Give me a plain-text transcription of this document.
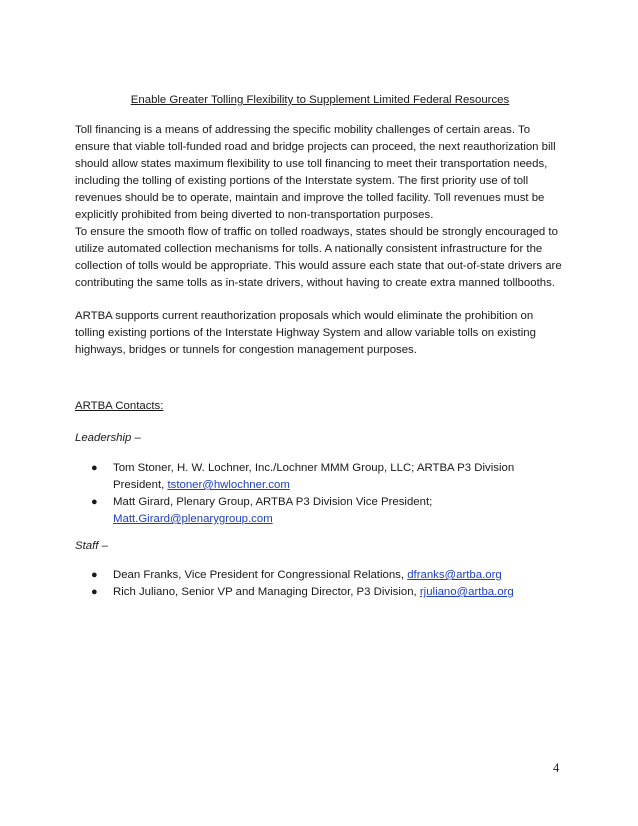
Enable Greater Tolling Flexibility to Supplement Limited Federal Resources

Toll financing is a means of addressing the specific mobility challenges of certain areas. To ensure that viable toll-funded road and bridge projects can proceed, the next reauthorization bill should allow states maximum flexibility to use toll financing to meet their transportation needs, including the tolling of existing portions of the Interstate system. The first priority use of toll revenues should be to operate, maintain and improve the tolled facility. Toll revenues must be explicitly prohibited from being diverted to non-transportation purposes.

To ensure the smooth flow of traffic on tolled roadways, states should be strongly encouraged to utilize automated collection mechanisms for tolls. A nationally consistent infrastructure for the collection of tolls would be appropriate. This would assure each state that out-of-state drivers are contributing the same tolls as in-state drivers, without having to create extra manned tollbooths.

ARTBA supports current reauthorization proposals which would eliminate the prohibition on tolling existing portions of the Interstate Highway System and allow variable tolls on existing highways, bridges or tunnels for congestion management purposes.

ARTBA Contacts:
Leadership –
● Tom Stoner, H. W. Lochner, Inc./Lochner MMM Group, LLC; ARTBA P3 Division President, tstoner@hwlochner.com
● Matt Girard, Plenary Group, ARTBA P3 Division Vice President; Matt.Girard@plenarygroup.com
Staff –
● Dean Franks, Vice President for Congressional Relations, dfranks@artba.org
● Rich Juliano, Senior VP and Managing Director, P3 Division, rjuliano@artba.org
4
